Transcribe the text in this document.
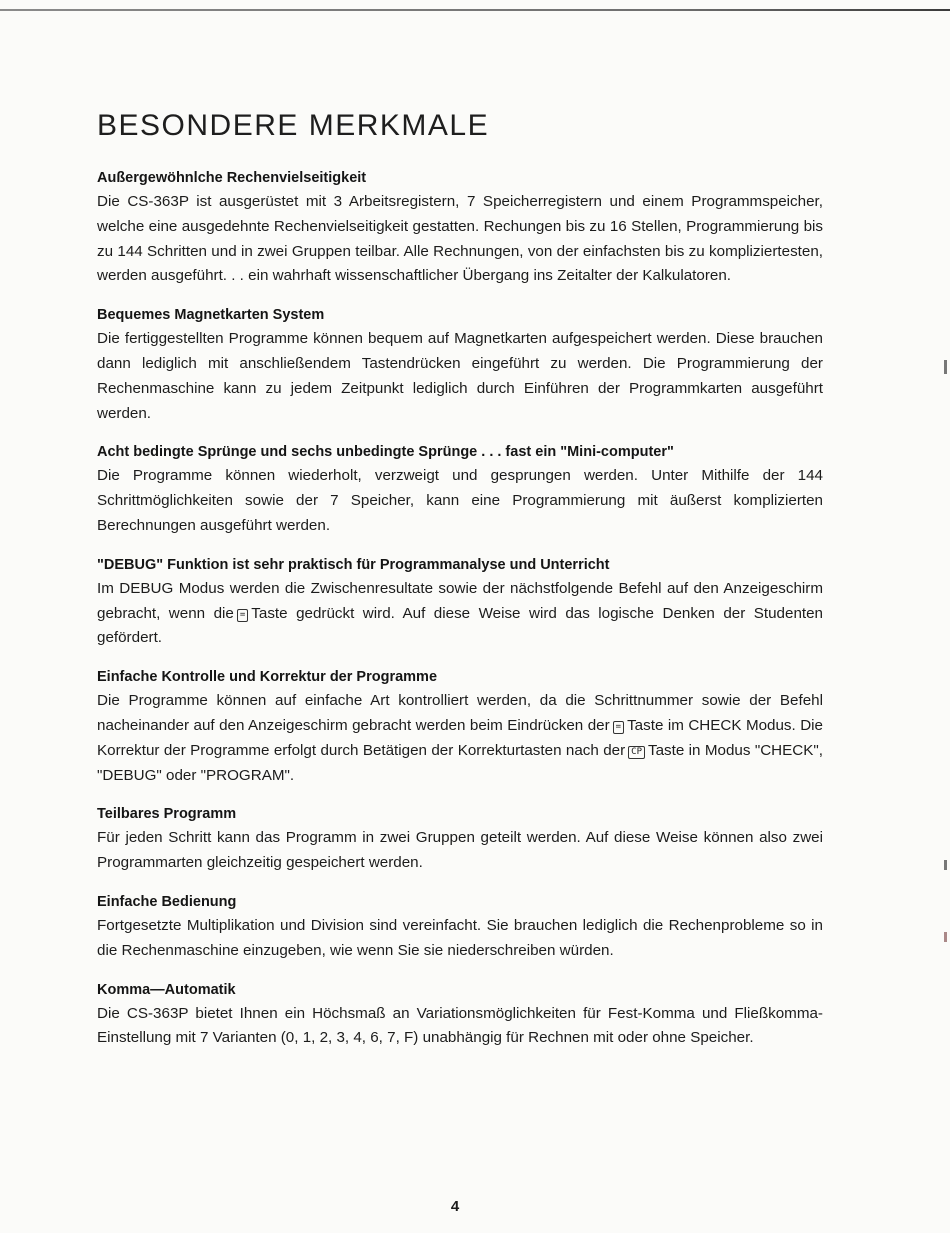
BESONDERE MERKMALE
Außergewöhnlche Rechenvielseitigkeit

Die CS-363P ist ausgerüstet mit 3 Arbeitsregistern, 7 Speicherregistern und einem Programmspeicher, welche eine ausgedehnte Rechenvielseitigkeit gestatten. Rechungen bis zu 16 Stellen, Programmierung bis zu 144 Schritten und in zwei Gruppen teilbar. Alle Rechnungen, von der einfachsten bis zu kompliziertesten, werden ausgeführt. . . ein wahrhaft wissenschaftlicher Übergang ins Zeitalter der Kalkulatoren.

Bequemes Magnetkarten System

Die fertiggestellten Programme können bequem auf Magnetkarten aufgespeichert werden. Diese brauchen dann lediglich mit anschließendem Tastendrücken eingeführt zu werden. Die Programmierung der Rechenmaschine kann zu jedem Zeitpunkt lediglich durch Einführen der Programmkarten ausgeführt werden.

Acht bedingte Sprünge und sechs unbedingte Sprünge . . . fast ein "Mini-computer"

Die Programme können wiederholt, verzweigt und gesprungen werden. Unter Mithilfe der 144 Schrittmöglichkeiten sowie der 7 Speicher, kann eine Programmierung mit äußerst komplizierten Berechnungen ausgeführt werden.

"DEBUG" Funktion ist sehr praktisch für Programmanalyse und Unterricht

Im DEBUG Modus werden die Zwischenresultate sowie der nächstfolgende Befehl auf den Anzeigeschirm gebracht, wenn die = Taste gedrückt wird. Auf diese Weise wird das logische Denken der Studenten gefördert.

Einfache Kontrolle und Korrektur der Programme

Die Programme können auf einfache Art kontrolliert werden, da die Schrittnummer sowie der Befehl nacheinander auf den Anzeigeschirm gebracht werden beim Eindrücken der = Taste im CHECK Modus. Die Korrektur der Programme erfolgt durch Betätigen der Korrekturtasten nach der CP Taste in Modus "CHECK", "DEBUG" oder "PROGRAM".

Teilbares Programm

Für jeden Schritt kann das Programm in zwei Gruppen geteilt werden. Auf diese Weise können also zwei Programmarten gleichzeitig gespeichert werden.

Einfache Bedienung

Fortgesetzte Multiplikation und Division sind vereinfacht. Sie brauchen lediglich die Rechenprobleme so in die Rechenmaschine einzugeben, wie wenn Sie sie niederschreiben würden.

Komma—Automatik

Die CS-363P bietet Ihnen ein Höchsmaß an Variationsmöglichkeiten für Fest-Komma und Fließkomma-Einstellung mit 7 Varianten (0, 1, 2, 3, 4, 6, 7, F) unabhängig für Rechnen mit oder ohne Speicher.

4
